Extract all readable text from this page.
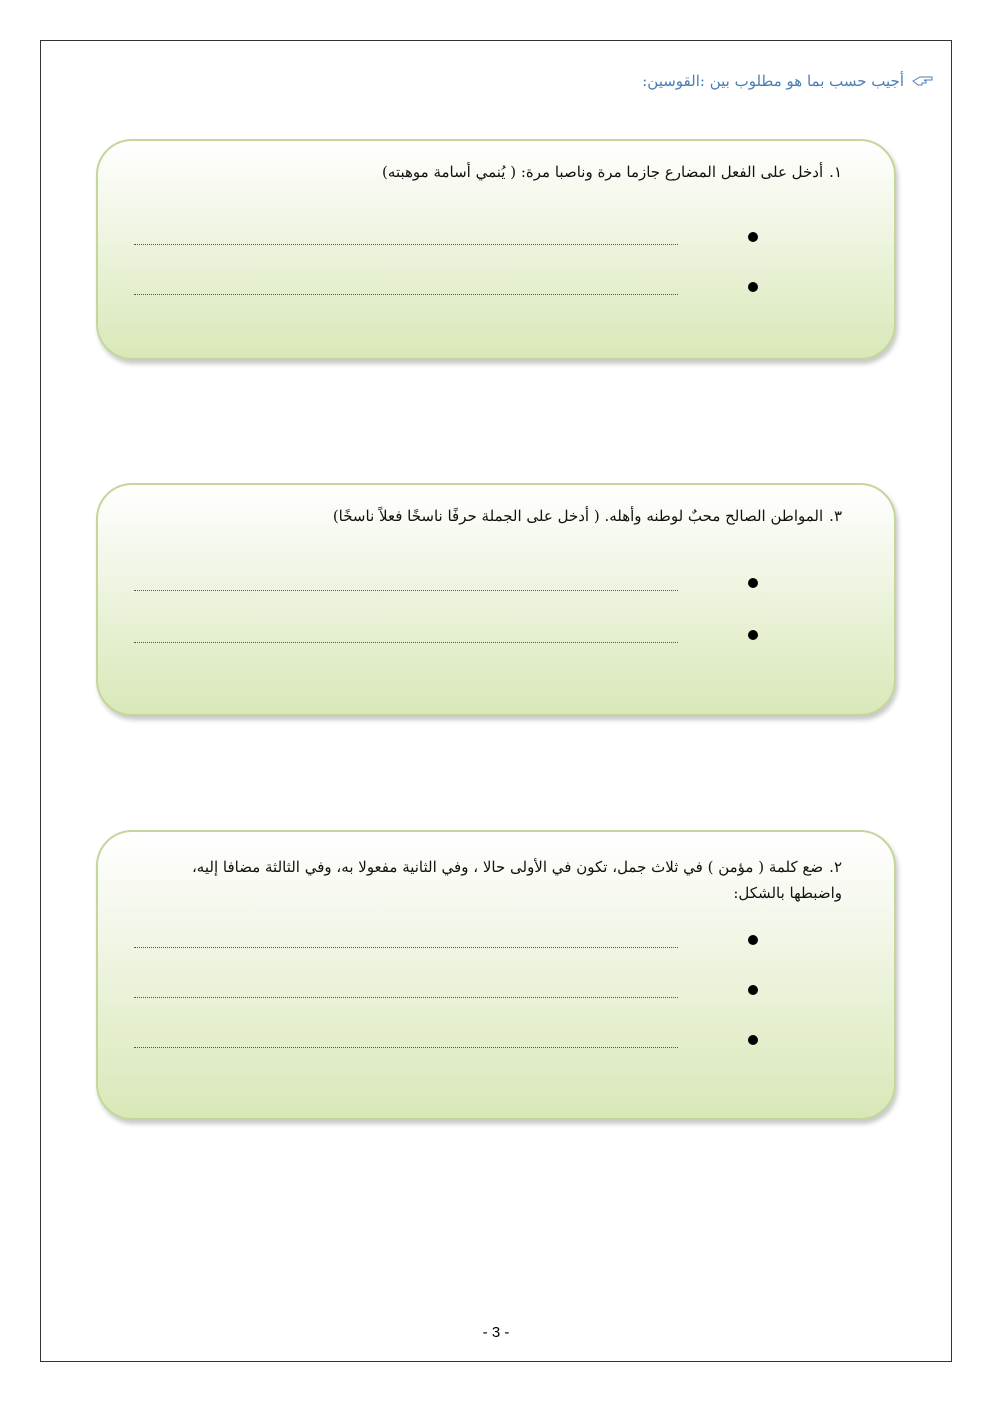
أجيب حسب بما هو مطلوب بين :القوسين:
١.أدخل على الفعل المضارع جازما مرة وناصبا مرة: ( يُنمي أسامة موهبته)
٣.المواطن الصالح محبٌ لوطنه وأهله. ( أدخل على الجملة حرفًا ناسخًا فعلاً ناسخًا)
٢.ضع كلمة ( مؤمن ) في ثلاث جمل، تكون في الأولى حالا ، وفي الثانية مفعولا به، وفي الثالثة مضافا إليه، واضبطها بالشكل:
- 3 -
